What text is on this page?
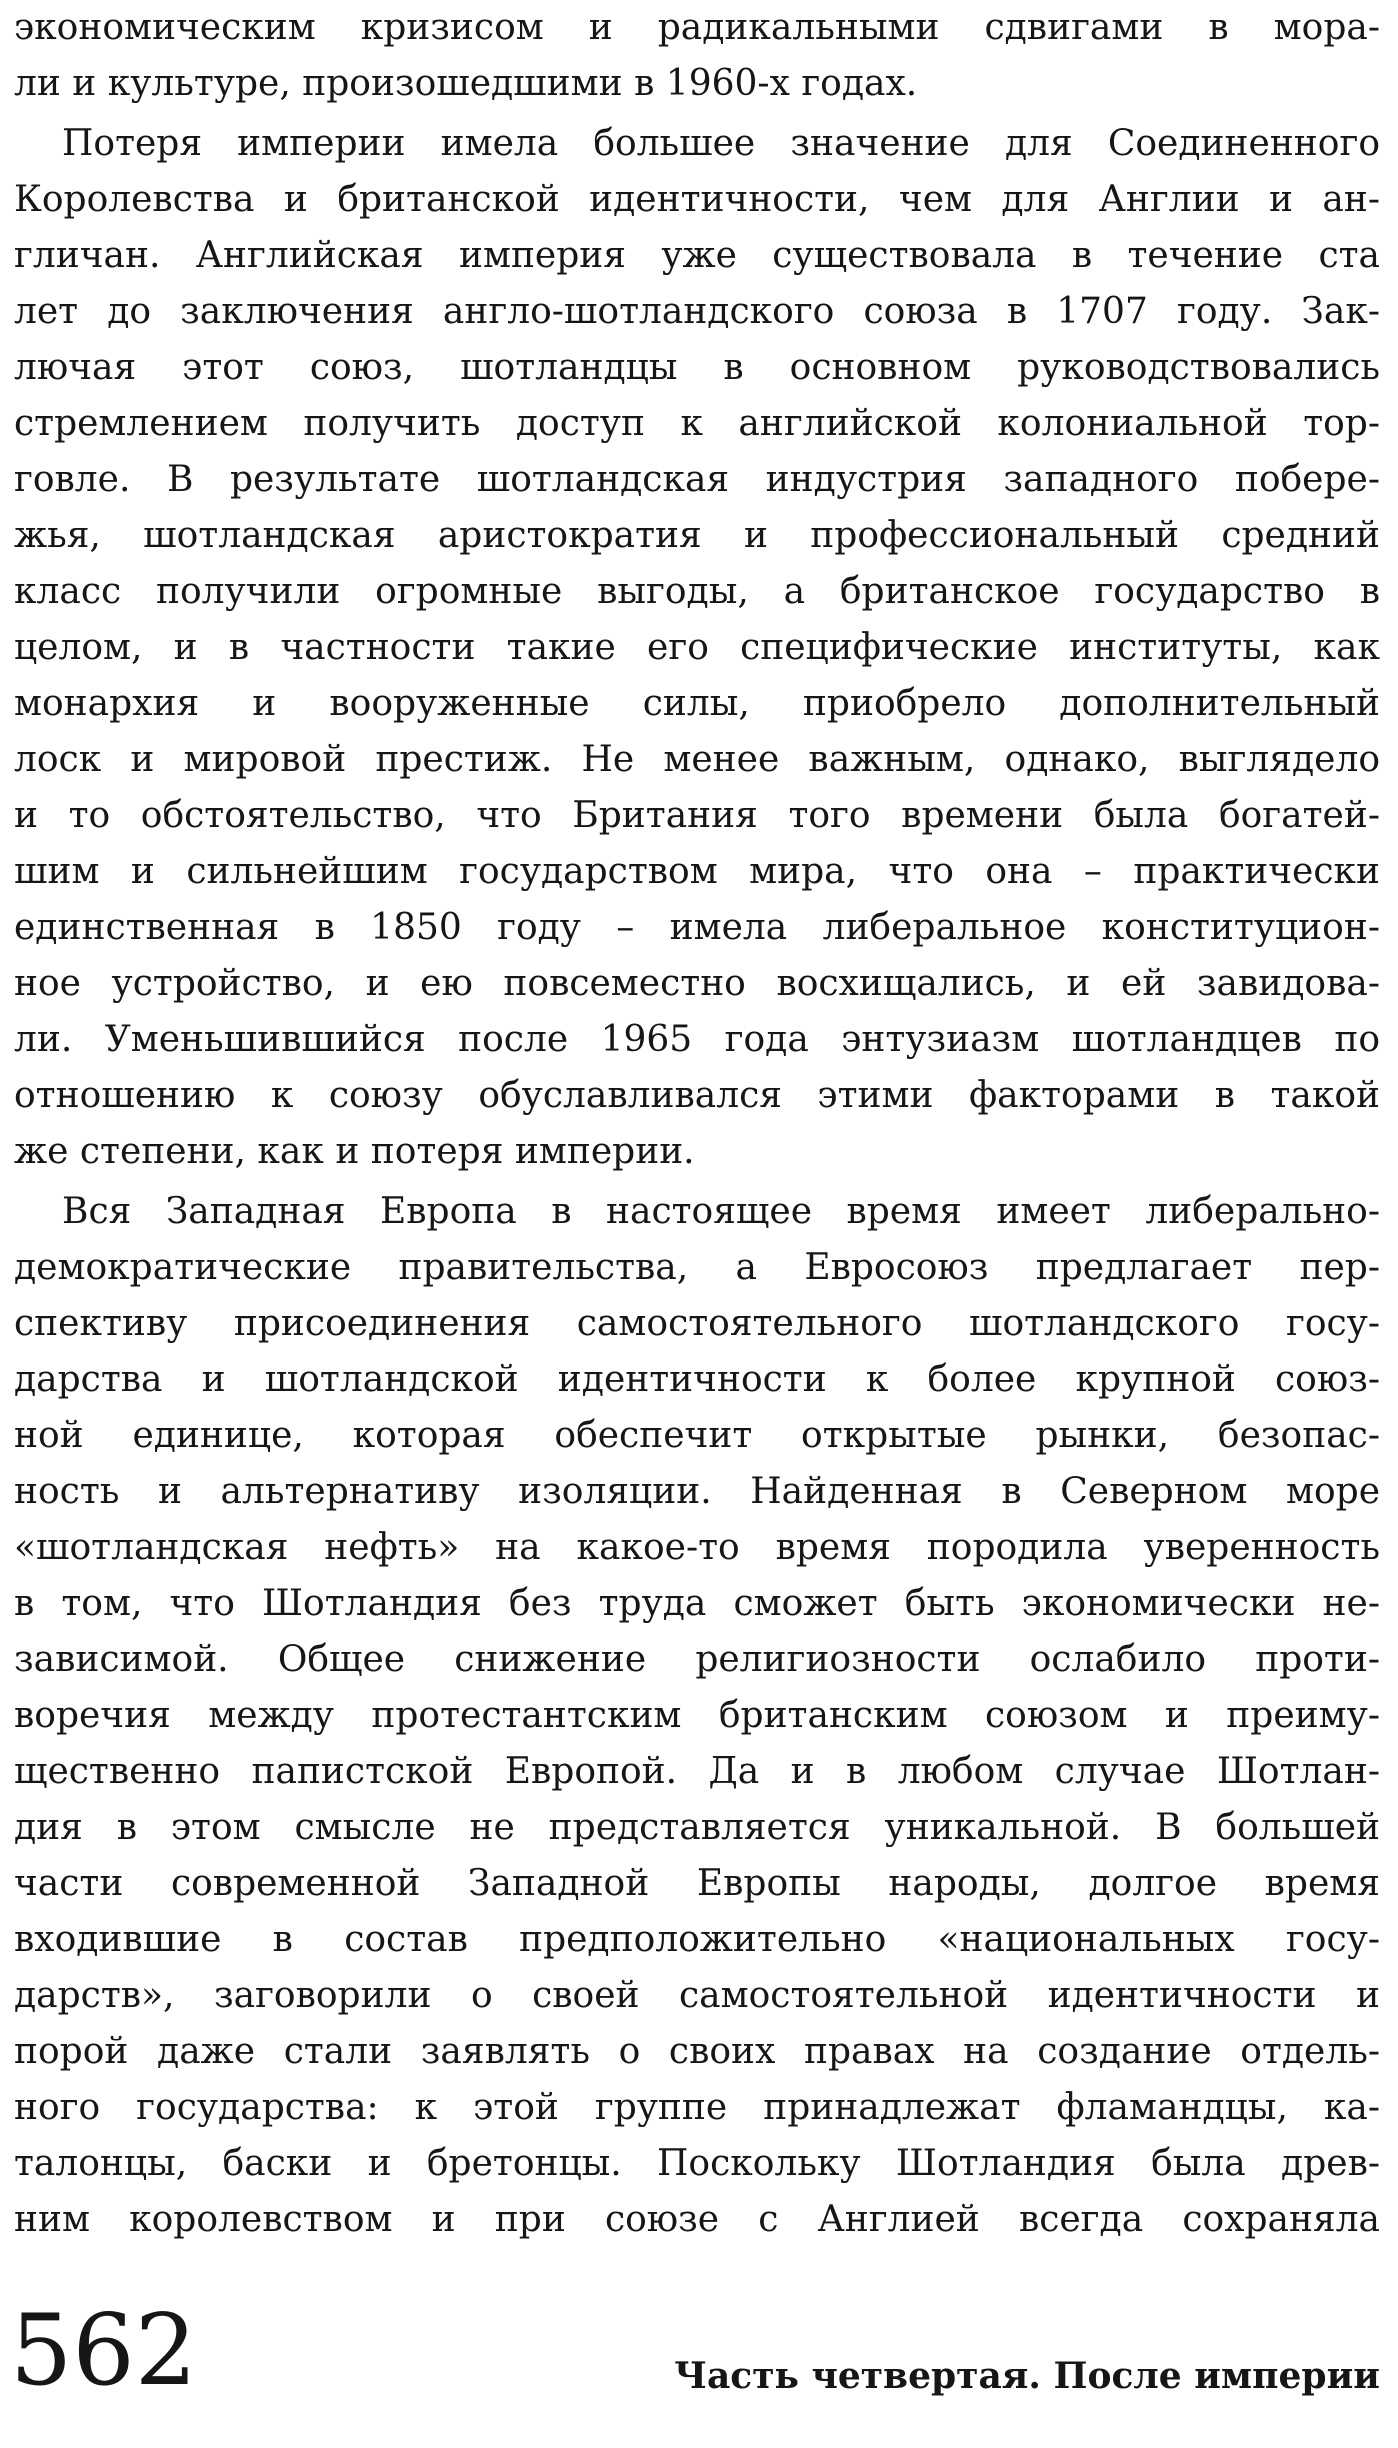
экономическим кризисом и радикальными сдвигами в мора-
ли и культуре, произошедшими в 1960-х годах.
Потеря империи имела большее значение для Соединенного
Королевства и британской идентичности, чем для Англии и ан-
гличан. Английская империя уже существовала в течение ста
лет до заключения англо-шотландского союза в 1707 году. Зак-
лючая этот союз, шотландцы в основном руководствовались
стремлением получить доступ к английской колониальной тор-
говле. В результате шотландская индустрия западного побере-
жья, шотландская аристократия и профессиональный средний
класс получили огромные выгоды, а британское государство в
целом, и в частности такие его специфические институты, как
монархия и вооруженные силы, приобрело дополнительный
лоск и мировой престиж. Не менее важным, однако, выглядело
и то обстоятельство, что Британия того времени была богатей-
шим и сильнейшим государством мира, что она – практически
единственная в 1850 году – имела либеральное конституцион-
ное устройство, и ею повсеместно восхищались, и ей завидова-
ли. Уменьшившийся после 1965 года энтузиазм шотландцев по
отношению к союзу обуславливался этими факторами в такой
же степени, как и потеря империи.
Вся Западная Европа в настоящее время имеет либерально-
демократические правительства, а Евросоюз предлагает пер-
спективу присоединения самостоятельного шотландского госу-
дарства и шотландской идентичности к более крупной союз-
ной единице, которая обеспечит открытые рынки, безопас-
ность и альтернативу изоляции. Найденная в Северном море
«шотландская нефть» на какое-то время породила уверенность
в том, что Шотландия без труда сможет быть экономически не-
зависимой. Общее снижение религиозности ослабило проти-
воречия между протестантским британским союзом и преиму-
щественно папистской Европой. Да и в любом случае Шотлан-
дия в этом смысле не представляется уникальной. В большей
части современной Западной Европы народы, долгое время
входившие в состав предположительно «национальных госу-
дарств», заговорили о своей самостоятельной идентичности и
порой даже стали заявлять о своих правах на создание отдель-
ного государства: к этой группе принадлежат фламандцы, ка-
талонцы, баски и бретонцы. Поскольку Шотландия была древ-
ним королевством и при союзе с Англией всегда сохраняла
562	Часть четвертая. После империи
